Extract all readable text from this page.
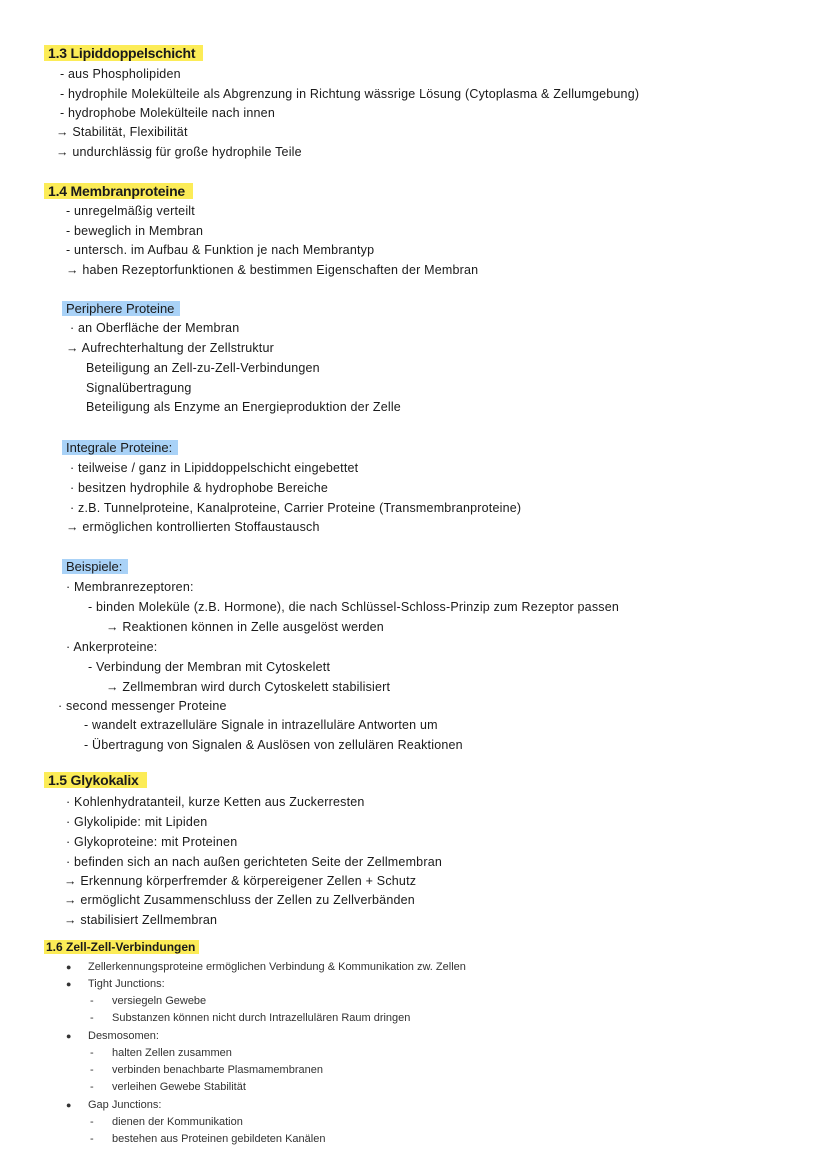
1.3 Lipiddoppelschicht
- aus Phospholipiden
- hydrophile Molekülteile als Abgrenzung in Richtung wässrige Lösung (Cytoplasma & Zellumgebung)
- hydrophobe Molekülteile nach innen
→ Stabilität, Flexibilität
→ undurchlässig für große hydrophile Teile
1.4 Membranproteine
- unregelmäßig verteilt
- beweglich in Membran
- untersch. im Aufbau & Funktion je nach Membrantyp
→ haben Rezeptorfunktionen & bestimmen Eigenschaften der Membran
Periphere Proteine
· an Oberfläche der Membran
→ Aufrechterhaltung der Zellstruktur
Beteiligung an Zell-zu-Zell-Verbindungen
Signalübertragung
Beteiligung als Enzyme an Energieproduktion der Zelle
Integrale Proteine:
· teilweise / ganz in Lipiddoppelschicht eingebettet
· besitzen hydrophile & hydrophobe Bereiche
· z.B. Tunnelproteine, Kanalproteine, Carrier Proteine (Transmembranproteine)
→ ermöglichen kontrollierten Stoffaustausch
Beispiele:
· Membranrezeptoren:
- binden Moleküle (z.B. Hormone), die nach Schlüssel-Schloss-Prinzip zum Rezeptor passen
→ Reaktionen können in Zelle ausgelöst werden
· Ankerproteine:
- Verbindung der Membran mit Cytoskelett
→ Zellmembran wird durch Cytoskelett stabilisiert
· second messenger Proteine
- wandelt extrazelluläre Signale in intrazelluläre Antworten um
- Übertragung von Signalen & Auslösen von zellulären Reaktionen
1.5 Glykokalix
· Kohlenhydratanteil, kurze Ketten aus Zuckerresten
· Glykolipide: mit Lipiden
· Glykoproteine: mit Proteinen
· befinden sich an nach außen gerichteten Seite der Zellmembran
→ Erkennung körperfremder & körpereigener Zellen + Schutz
→ ermöglicht Zusammenschluss der Zellen zu Zellverbänden
→ stabilisiert Zellmembran
1.6 Zell-Zell-Verbindungen
● Zellerkennungsproteine ermöglichen Verbindung & Kommunikation zw. Zellen
● Tight Junctions:
- versiegeln Gewebe
- Substanzen können nicht durch Intrazellulären Raum dringen
● Desmosomen:
- halten Zellen zusammen
- verbinden benachbarte Plasmamembranen
- verleihen Gewebe Stabilität
● Gap Junctions:
- dienen der Kommunikation
- bestehen aus Proteinen gebildeten Kanälen
